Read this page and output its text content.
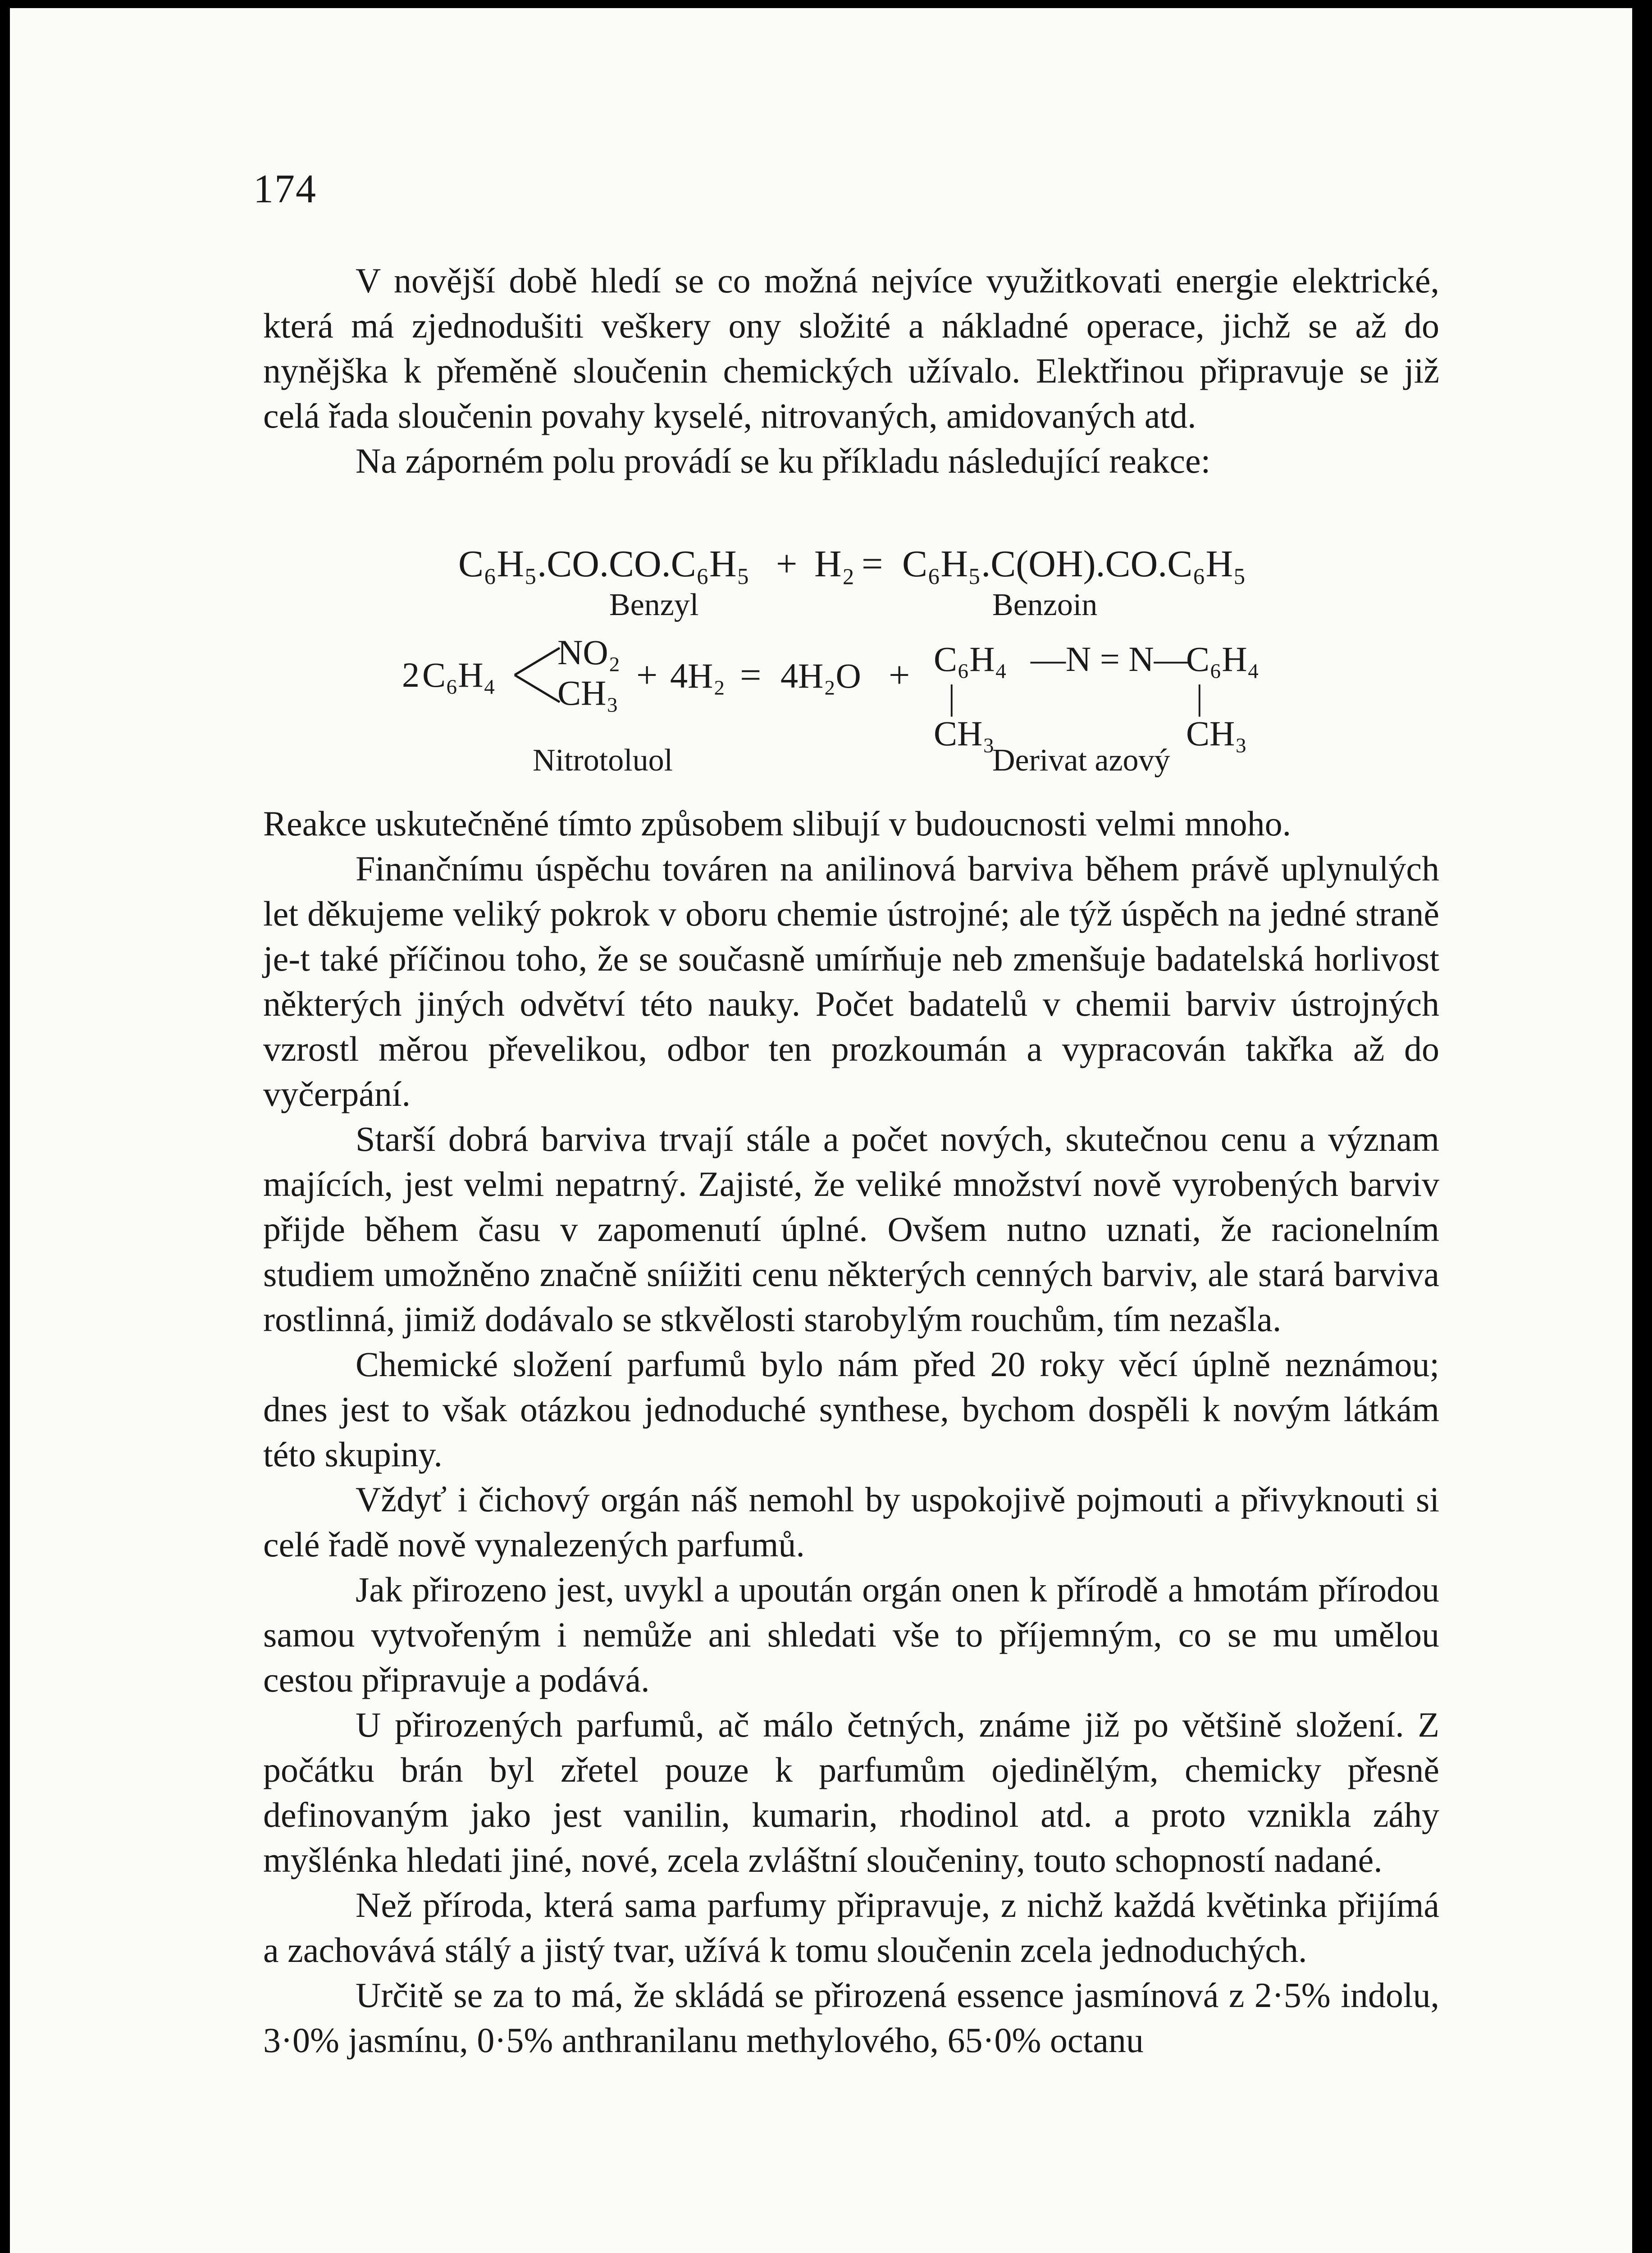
174

V novější době hledí se co možná nejvíce využitkovati energie elektrické, která má zjednodušiti veškery ony složité a nákladné operace, jichž se až do nynějška k přeměně sloučenin chemických užívalo. Elektřinou připravuje se již celá řada sloučenin povahy kyselé, nitrovaných, amidovaných atd.

Na záporném polu provádí se ku příkladu následující reakce:

C₆H₅.CO.CO.C₆H₅ + H₂ = C₆H₅.C(OH).CO.C₆H₅
Benzyl	Benzoin
2 C₆H₄
NO₂
CH₃ + 4H₂ = 4H₂O + C₆H₄ —N = N—
C₆H₄
|	|
CH₃	CH₃
Nitrotoluol	Derivat azový

Reakce uskutečněné tímto způsobem slibují v budoucnosti velmi mnoho.

Finančnímu úspěchu továren na anilinová barviva během právě uplynulých let děkujeme veliký pokrok v oboru chemie ústrojné; ale týž úspěch na jedné straně je-t také příčinou toho, že se současně umírňuje neb zmenšuje badatelská horlivost některých jiných odvětví této nauky. Počet badatelů v chemii barviv ústrojných vzrostl měrou převelikou, odbor ten prozkoumán a vypracován takřka až do vyčerpání.

Starší dobrá barviva trvají stále a počet nových, skutečnou cenu a význam majících, jest velmi nepatrný. Zajisté, že veliké množství nově vyrobených barviv přijde během času v zapomenutí úplné. Ovšem nutno uznati, že racionelním studiem umožněno značně sníižiti cenu některých cenných barviv, ale stará barviva rostlinná, jimiž dodávalo se stkvělosti starobylým rouchům, tím nezašla.

Chemické složení parfumů bylo nám před 20 roky věcí úplně neznámou; dnes jest to však otázkou jednoduché synthese, bychom dospěli k novým látkám této skupiny.

Vždyť i čichový orgán náš nemohl by uspokojivě pojmouti a přivyknouti si celé řadě nově vynalezených parfumů.

Jak přirozeno jest, uvykl a upoután orgán onen k přírodě a hmotám přírodou samou vytvořeným i nemůže ani shledati vše to příjemným, co se mu umělou cestou připravuje a podává.

U přirozených parfumů, ač málo četných, známe již po většině složení. Z počátku brán byl zřetel pouze k parfumům ojedinělým, chemicky přesně definovaným jako jest vanilin, kumarin, rhodinol atd. a proto vznikla záhy myšlénka hledati jiné, nové, zcela zvláštní sloučeniny, touto schopností nadané.

Než příroda, která sama parfumy připravuje, z nichž každá květinka přijímá a zachovává stálý a jistý tvar, užívá k tomu sloučenin zcela jednoduchých.

Určitě se za to má, že skládá se přirozená essence jasmínová z 2·5% indolu, 3·0% jasmínu, 0·5% anthranilanu methylového, 65·0% octanu
